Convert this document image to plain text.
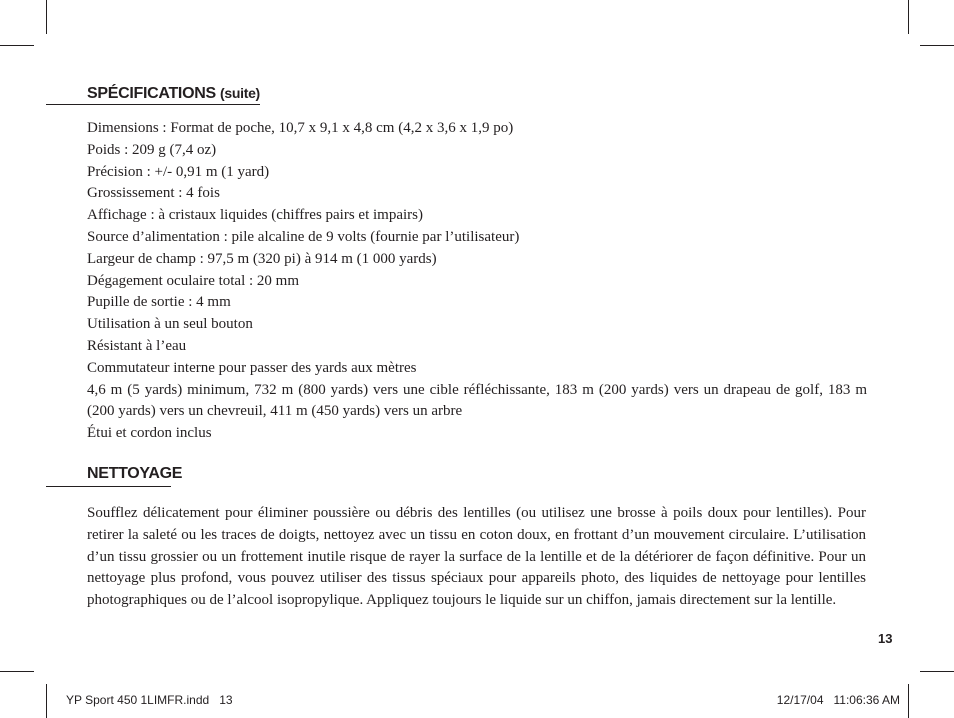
SPÉCIFICATIONS (suite)
Dimensions : Format de poche, 10,7 x 9,1 x 4,8 cm (4,2 x 3,6 x 1,9 po)
Poids : 209 g (7,4 oz)
Précision : +/- 0,91 m (1 yard)
Grossissement : 4 fois
Affichage : à cristaux liquides (chiffres pairs et impairs)
Source d’alimentation : pile alcaline de 9 volts (fournie par l’utilisateur)
Largeur de champ : 97,5 m (320 pi) à 914 m (1 000 yards)
Dégagement oculaire total : 20 mm
Pupille de sortie : 4 mm
Utilisation à un seul bouton
Résistant à l’eau
Commutateur interne pour passer des yards aux mètres
4,6 m (5 yards) minimum, 732 m (800 yards) vers une cible réfléchissante, 183 m (200 yards) vers un drapeau de golf, 183 m (200 yards) vers un chevreuil, 411 m (450 yards) vers un arbre
Étui et cordon inclus
NETTOYAGE

Soufflez délicatement pour éliminer poussière ou débris des lentilles (ou utilisez une brosse à poils doux pour lentilles). Pour retirer la saleté ou les traces de doigts, nettoyez avec un tissu en coton doux, en frottant d’un mouvement circulaire. L’utilisation d’un tissu grossier ou un frottement inutile risque de rayer la surface de la lentille et de la détériorer de façon définitive. Pour un nettoyage plus profond, vous pouvez utiliser des tissus spéciaux pour appareils photo, des liquides de nettoyage pour lentilles photographiques ou de l’alcool isopropylique. Appliquez toujours le liquide sur un chiffon, jamais directement sur la lentille.

13
YP Sport 450 1LIMFR.indd   13	12/17/04   11:06:36 AM
